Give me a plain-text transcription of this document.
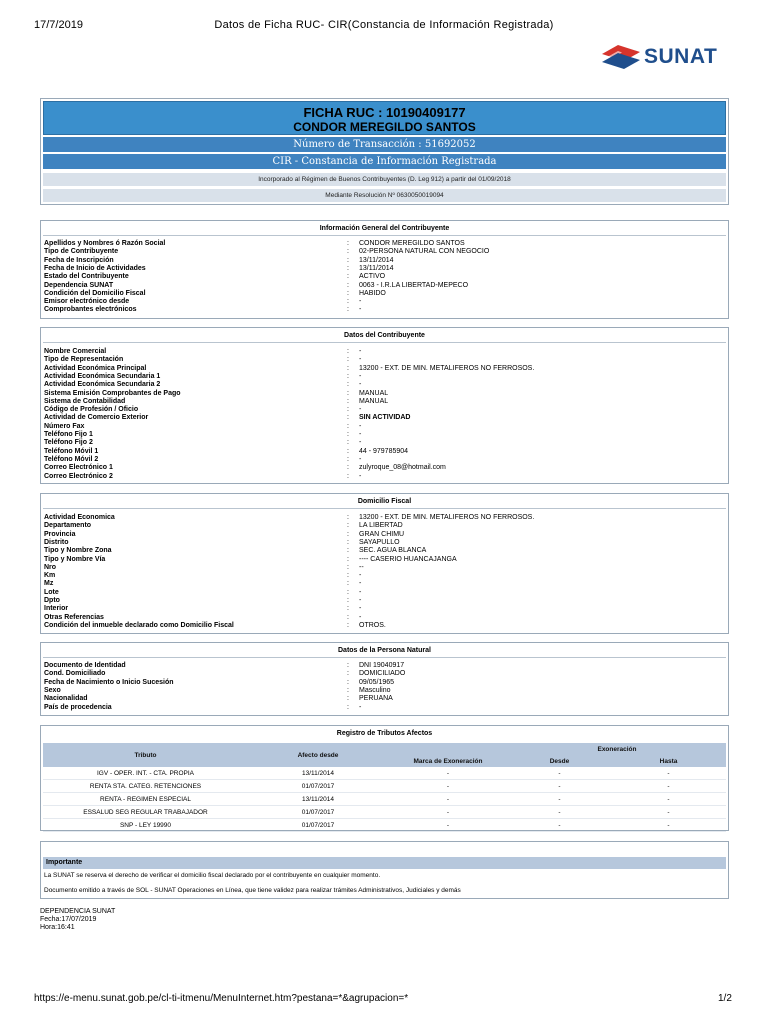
17/7/2019	Datos de Ficha RUC- CIR(Constancia de Información Registrada)
SUNAT
FICHA RUC : 10190409177
CONDOR MEREGILDO SANTOS
Número de Transacción : 51692052
CIR - Constancia de Información Registrada
Incorporado al Régimen de Buenos Contribuyentes (D. Leg 912) a partir del 01/09/2018
Mediante Resolución Nº 0630050019094
Información General del Contribuyente
Apellidos y Nombres ó Razón Social	: CONDOR MEREGILDO SANTOS
Tipo de Contribuyente	: 02-PERSONA NATURAL CON NEGOCIO
Fecha de Inscripción	: 13/11/2014
Fecha de Inicio de Actividades	: 13/11/2014
Estado del Contribuyente	: ACTIVO
Dependencia SUNAT	: 0063 - I.R.LA LIBERTAD-MEPECO
Condición del Domicilio Fiscal	: HABIDO
Emisor electrónico desde	: -
Comprobantes electrónicos	: -
Datos del Contribuyente
Nombre Comercial	: -
Tipo de Representación	: -
Actividad Económica Principal	: 13200 - EXT. DE MIN. METALIFEROS NO FERROSOS.
Actividad Económica Secundaria 1	: -
Actividad Económica Secundaria 2	: -
Sistema Emisión Comprobantes de Pago	: MANUAL
Sistema de Contabilidad	: MANUAL
Código de Profesión / Oficio	: -
Actividad de Comercio Exterior	: SIN ACTIVIDAD
Número Fax	: -
Teléfono Fijo 1	: -
Teléfono Fijo 2	: -
Teléfono Móvil 1	: 44 - 979785904
Teléfono Móvil 2	: -
Correo Electrónico 1	: zulyroque_08@hotmail.com
Correo Electrónico 2	: -
Domicilio Fiscal
Actividad Economica	: 13200 - EXT. DE MIN. METALIFEROS NO FERROSOS.
Departamento	: LA LIBERTAD
Provincia	: GRAN CHIMU
Distrito	: SAYAPULLO
Tipo y Nombre Zona	: SEC. AGUA BLANCA
Tipo y Nombre Vía	: ---- CASERIO HUANCAJANGA
Nro	: --
Km	: -
Mz	: -
Lote	: -
Dpto	: -
Interior	: -
Otras Referencias	: -
Condición del inmueble declarado como Domicilio Fiscal	: OTROS.
Datos de la Persona Natural
Documento de Identidad	: DNI 19040917
Cond. Domiciliado	: DOMICILIADO
Fecha de Nacimiento o Inicio Sucesión	: 09/05/1965
Sexo	: Masculino
Nacionalidad	: PERUANA
País de procedencia	: -
Registro de Tributos Afectos
Tributo	Afecto desde	Marca de Exoneración	Exoneración	
			Desde	Hasta
IGV - OPER. INT. - CTA. PROPIA	13/11/2014	-	-	-
RENTA STA. CATEG. RETENCIONES	01/07/2017	-	-	-
RENTA - REGIMEN ESPECIAL	13/11/2014	-	-	-
ESSALUD SEG REGULAR TRABAJADOR	01/07/2017	-	-	-
SNP - LEY 19990	01/07/2017	-	-	-
Importante
La SUNAT se reserva el derecho de verificar el domicilio fiscal declarado por el contribuyente en cualquier momento.
Documento emitido a través de SOL - SUNAT Operaciones en Línea, que tiene validez para realizar trámites Administrativos, Judiciales y demás
DEPENDENCIA SUNAT
Fecha:17/07/2019
Hora:16:41
https://e-menu.sunat.gob.pe/cl-ti-itmenu/MenuInternet.htm?pestana=*&agrupacion=*	1/2
